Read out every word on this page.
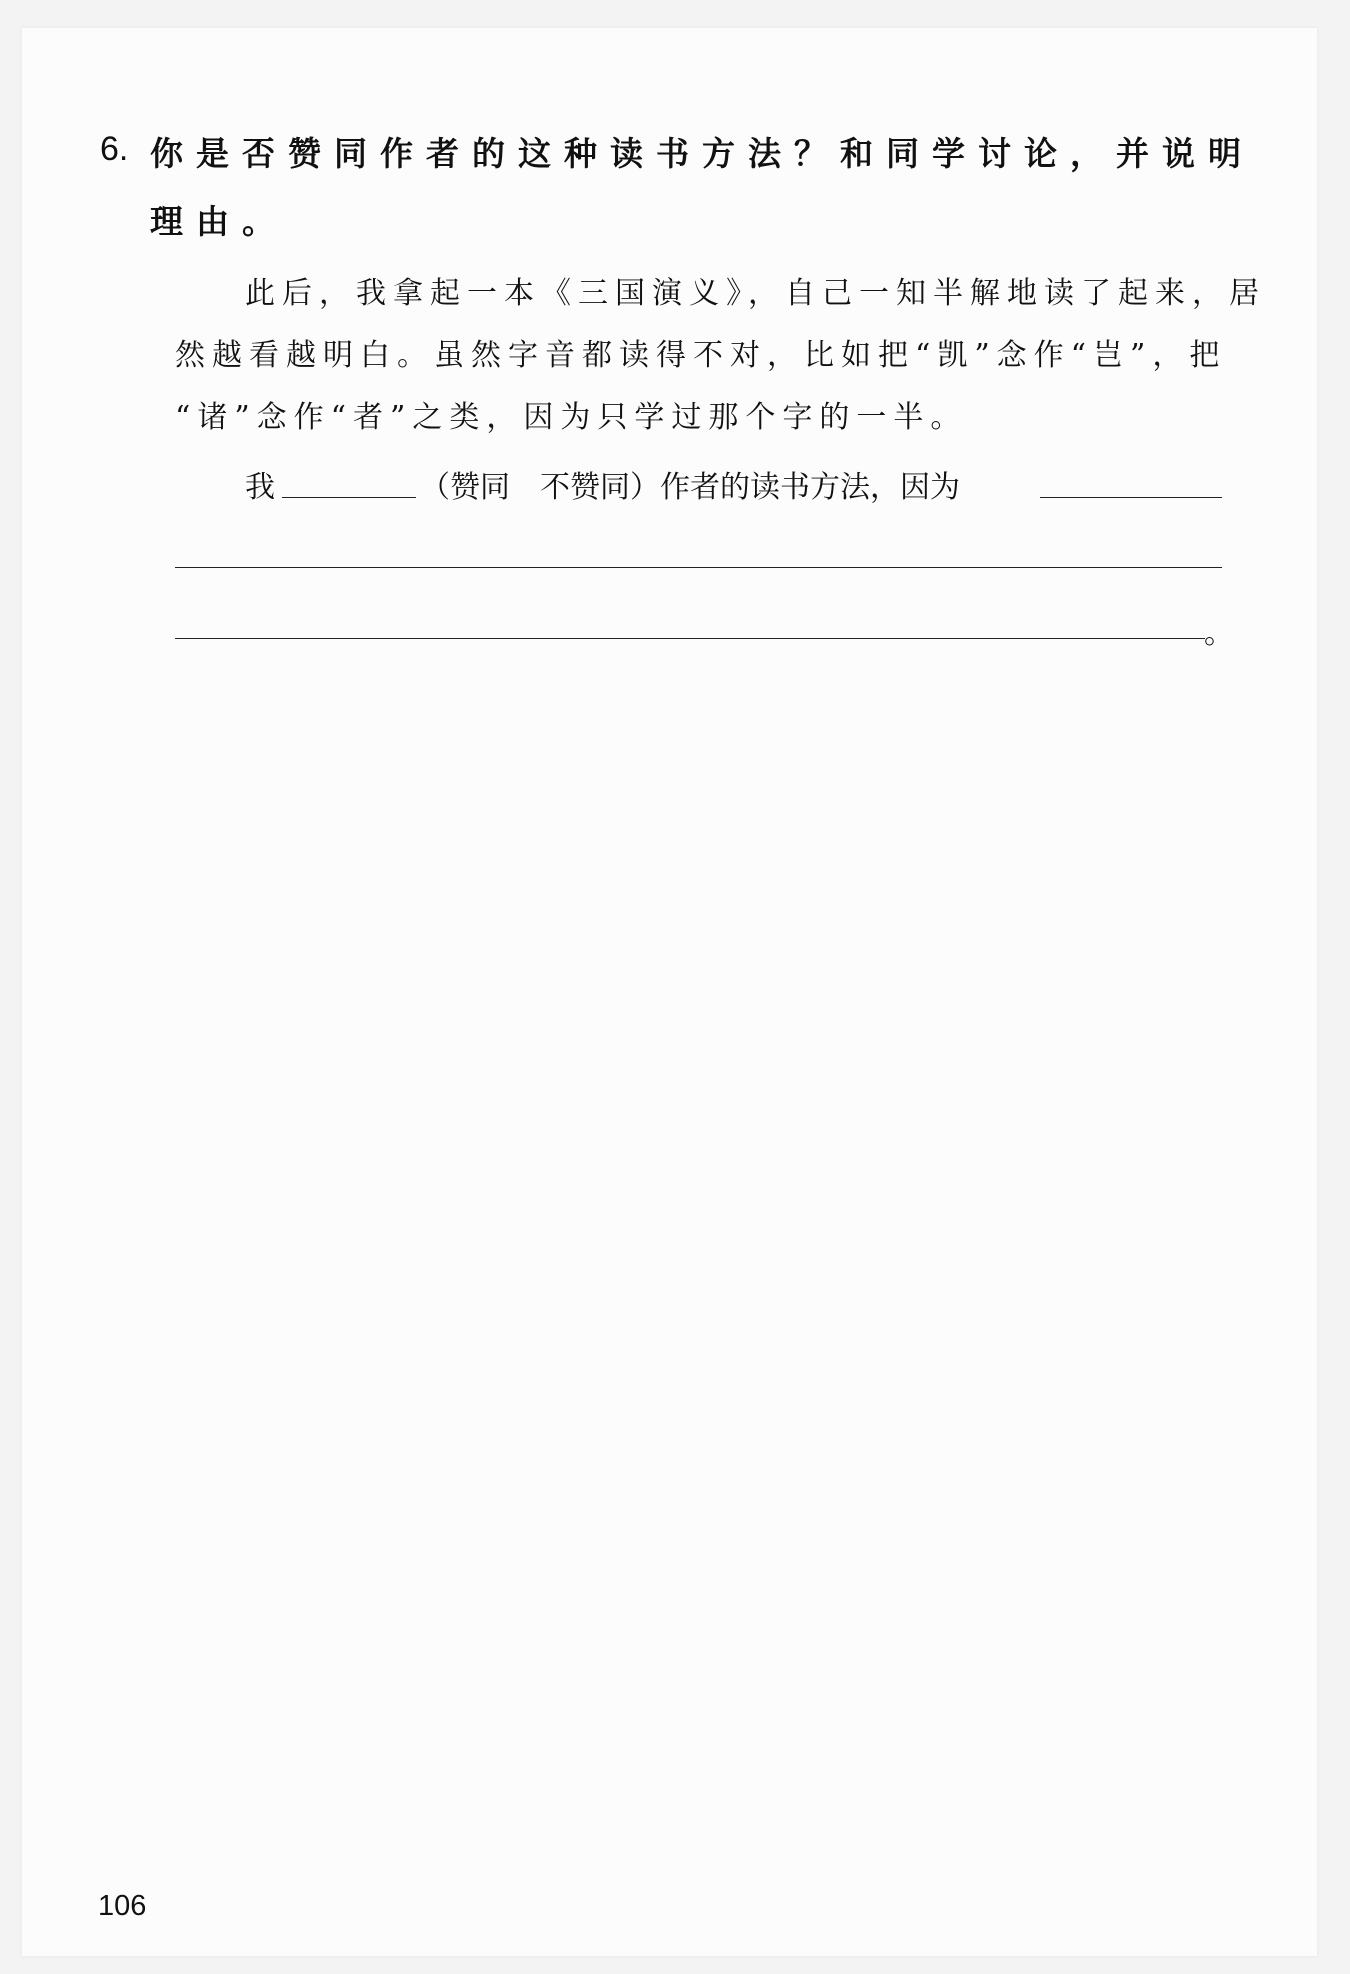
6. 你是否赞同作者的这种读书方法？和同学讨论，并说明
理由。
此后，我拿起一本《三国演义》，自己一知半解地读了起来，居
然越看越明白。虽然字音都读得不对，比如把“凯”念作“岂”，把
“诸”念作“者”之类，因为只学过那个字的一半。
我	（赞同　不赞同）作者的读书方法，因为
。
106
